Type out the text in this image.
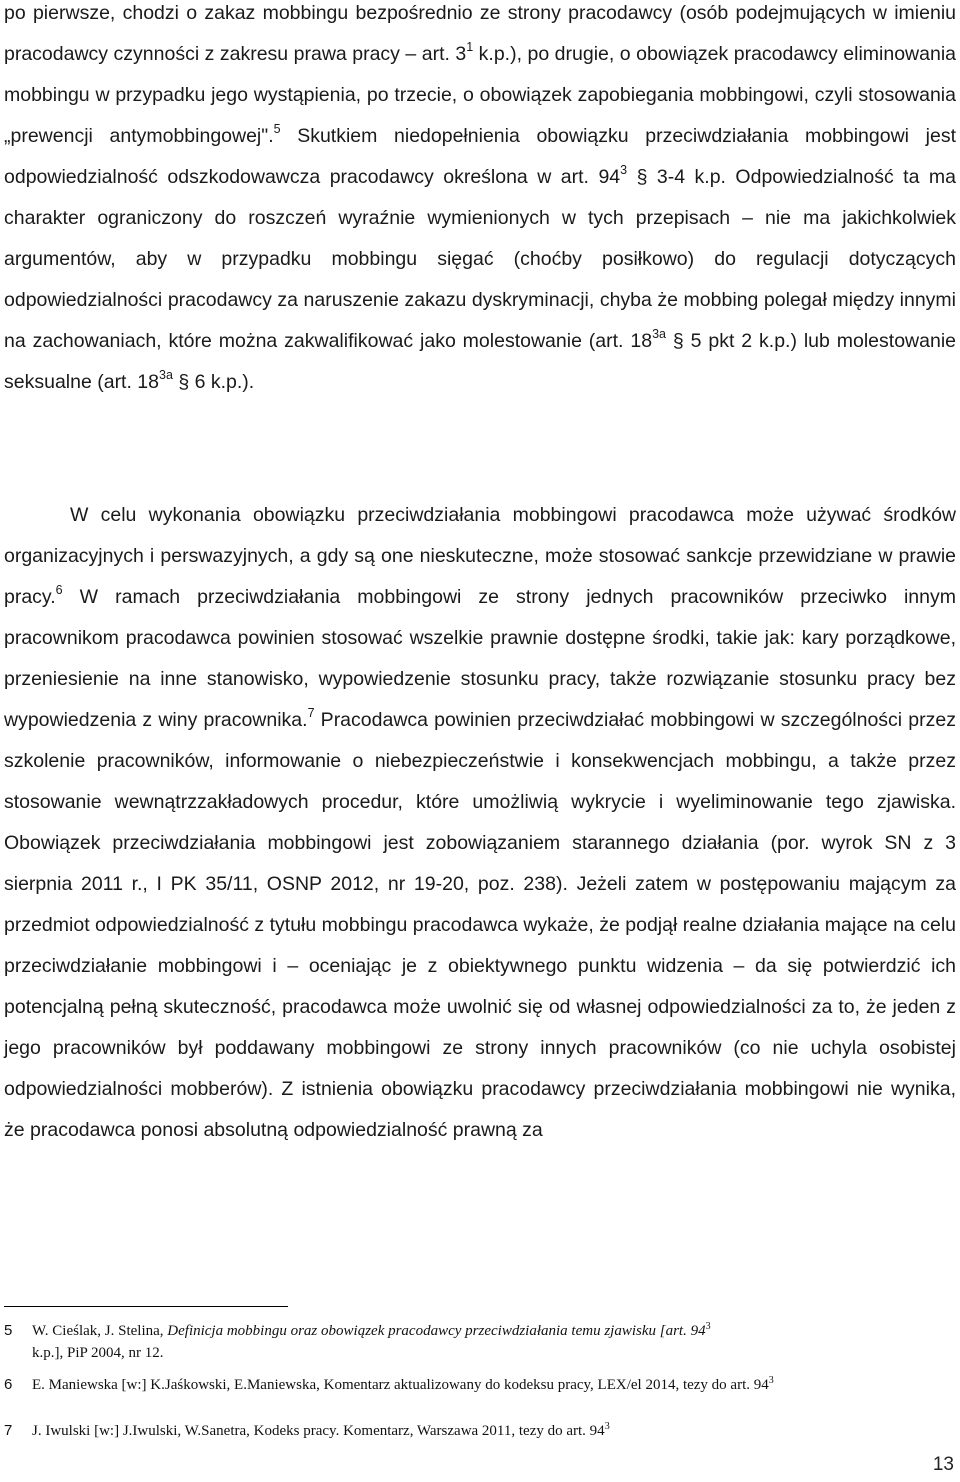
po pierwsze, chodzi o zakaz mobbingu bezpośrednio ze strony pracodawcy (osób podejmujących w imieniu pracodawcy czynności z zakresu prawa pracy – art. $3^1$ k.p.), po drugie, o obowiązek pracodawcy eliminowania mobbingu w przypadku jego wystąpienia, po trzecie, o obowiązek zapobiegania mobbingowi, czyli stosowania „prewencji antymobbingowej".$^5$ Skutkiem niedopełnienia obowiązku przeciwdziałania mobbingowi jest odpowiedzialność odszkodowawcza pracodawcy określona w art. $94^3$ § 3-4 k.p. Odpowiedzialność ta ma charakter ograniczony do roszczeń wyraźnie wymienionych w tych przepisach – nie ma jakichkolwiek argumentów, aby w przypadku mobbingu sięgać (choćby posiłkowo) do regulacji dotyczących odpowiedzialności pracodawcy za naruszenie zakazu dyskryminacji, chyba że mobbing polegał między innymi na zachowaniach, które można zakwalifikować jako molestowanie (art. $18^{3a}$ § 5 pkt 2 k.p.) lub molestowanie seksualne (art. $18^{3a}$ § 6 k.p.).

W celu wykonania obowiązku przeciwdziałania mobbingowi pracodawca może używać środków organizacyjnych i perswazyjnych, a gdy są one nieskuteczne, może stosować sankcje przewidziane w prawie pracy.$^6$ W ramach przeciwdziałania mobbingowi ze strony jednych pracowników przeciwko innym pracownikom pracodawca powinien stosować wszelkie prawnie dostępne środki, takie jak: kary porządkowe, przeniesienie na inne stanowisko, wypowiedzenie stosunku pracy, także rozwiązanie stosunku pracy bez wypowiedzenia z winy pracownika.$^7$ Pracodawca powinien przeciwdziałać mobbingowi w szczególności przez szkolenie pracowników, informowanie o niebezpieczeństwie i konsekwencjach mobbingu, a także przez stosowanie wewnątrzzakładowych procedur, które umożliwią wykrycie i wyeliminowanie tego zjawiska. Obowiązek przeciwdziałania mobbingowi jest zobowiązaniem starannego działania (por. wyrok SN z 3 sierpnia 2011 r., I PK 35/11, OSNP 2012, nr 19-20, poz. 238). Jeżeli zatem w postępowaniu mającym za przedmiot odpowiedzialność z tytułu mobbingu pracodawca wykaże, że podjął realne działania mające na celu przeciwdziałanie mobbingowi i – oceniając je z obiektywnego punktu widzenia – da się potwierdzić ich potencjalną pełną skuteczność, pracodawca może uwolnić się od własnej odpowiedzialności za to, że jeden z jego pracowników był poddawany mobbingowi ze strony innych pracowników (co nie uchyla osobistej odpowiedzialności mobberów). Z istnienia obowiązku pracodawcy przeciwdziałania mobbingowi nie wynika, że pracodawca ponosi absolutną odpowiedzialność prawną za

5 W. Cieślak, J. Stelina, Definicja mobbingu oraz obowiązek pracodawcy przeciwdziałania temu zjawisku [art. $94^3$
k.p.], PiP 2004, nr 12.

6 E. Maniewska [w:] K.Jaśkowski, E.Maniewska, Komentarz aktualizowany do kodeksu pracy, LEX/el 2014, tezy do art. $94^3$

7 J. Iwulski [w:] J.Iwulski, W.Sanetra, Kodeks pracy. Komentarz, Warszawa 2011, tezy do art. $94^3$

13
